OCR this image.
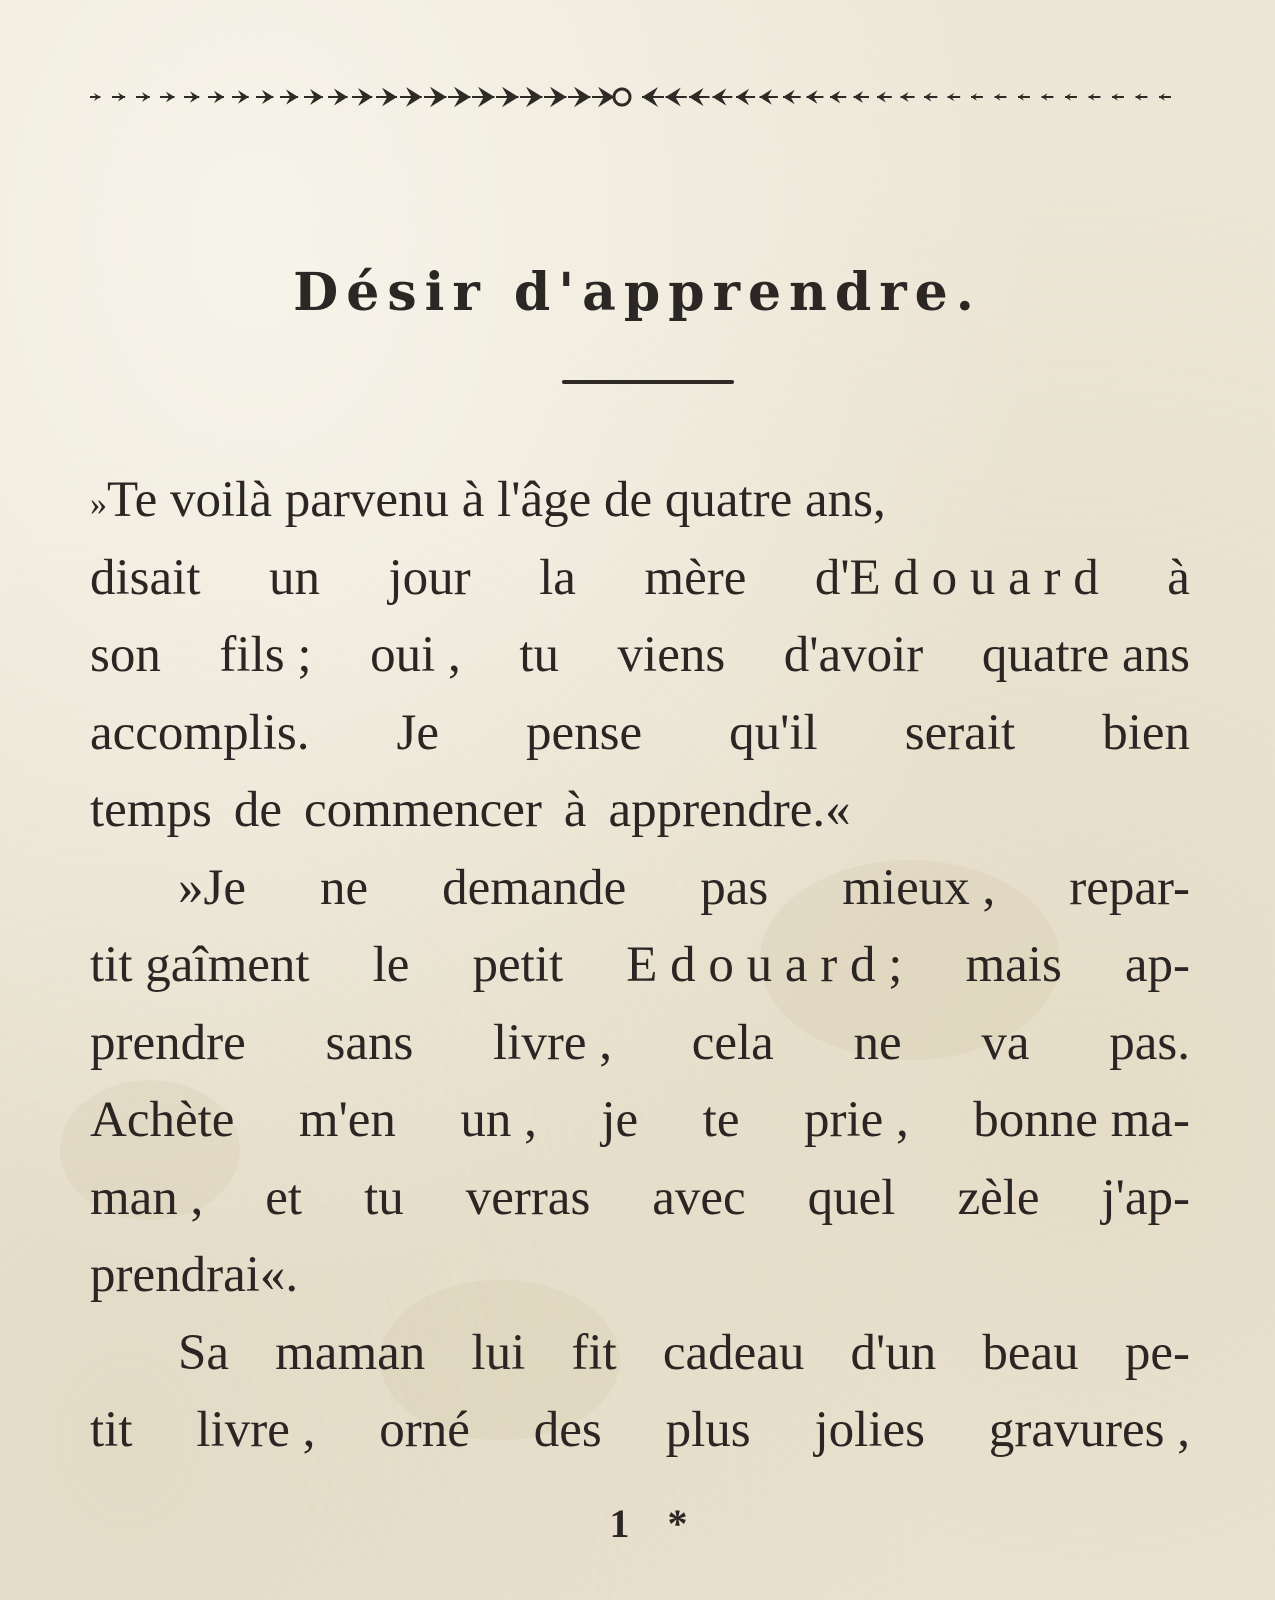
Désir d'apprendre.
»Te voilà parvenu à l'âge de quatre ans,
disait un jour la mère d'E d o u a r d à
son fils ; oui , tu viens d'avoir quatre ans
accomplis. Je pense qu'il serait bien
temps de commencer à apprendre.«
»Je ne demande pas mieux , repar-
tit gaîment le petit E d o u a r d ; mais ap-
prendre sans livre , cela ne va pas.
Achète m'en un , je te prie , bonne ma-
man , et tu verras avec quel zèle j'ap-
prendrai«.
Sa maman lui fit cadeau d'un beau pe-
tit livre , orné des plus jolies gravures ,
1 *
